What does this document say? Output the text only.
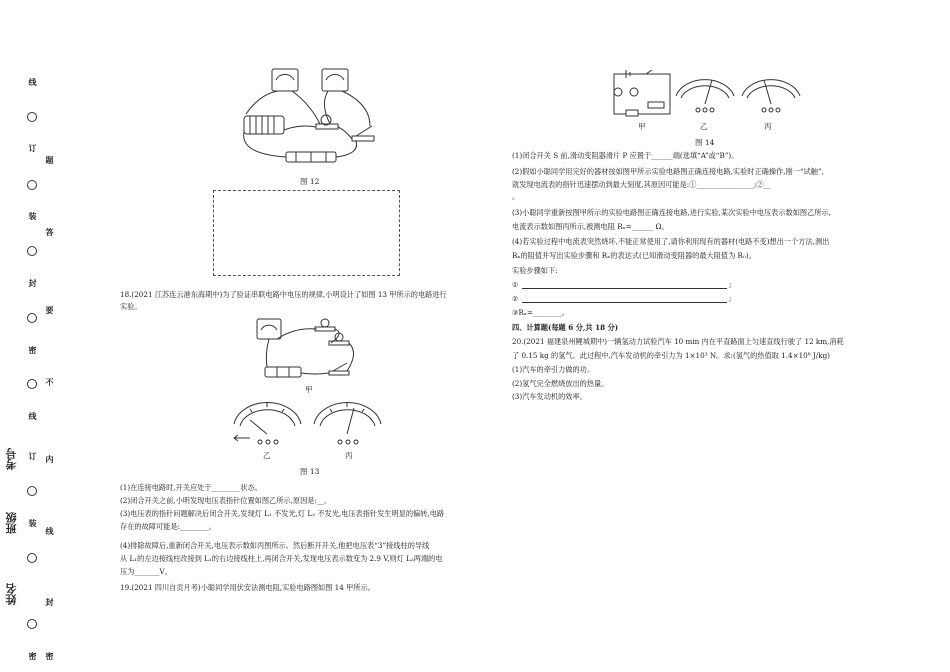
线
订
题
装
答
封
要
密
不
线
内
订
线
装
封
密 密
考号
班级
姓名
图 12
18.(2021 江苏连云港东海期中)为了验证串联电路中电压的规律,小明设计了如图 13 甲所示的电路进行
实验。
甲
乙	丙
图 13
(1)在连接电路时,开关应处于________状态。
(2)闭合开关之前,小明发现电压表指针位置如图乙所示,原因是:__。
(3)电压表的指针问题解决后闭合开关,发现灯 L₁ 不发光,灯 L₂ 不发光,电压表指针发生明显的偏转,电路
存在的故障可能是:________。
(4)排除故障后,重新闭合开关,电压表示数如丙图所示。然后断开开关,他把电压表“3”接线柱的导线
从 L₁的左边接线柱改接到 L₁的右边接线柱上,再闭合开关,发现电压表示数变为 2.9 V,则灯 L₂两端的电
压为_______V。
19.(2021 四川自贡月考)小聪同学用伏安法测电阻,实验电路图如图 14 甲所示。
甲	乙	丙
图 14
(1)闭合开关 S 前,滑动变阻器滑片 P 应置于______端(选填“A”或“B”)。
(2)假如小聪同学用完好的器材按如图甲所示实验电路图正确连接电路,实验时正确操作,刚一“试触”,
就发现电流表的指针迅速摆动到最大刻度,其原因可能是:①________________;②__
。
(3)小聪同学重新按图甲所示的实验电路图正确连接电路,进行实验,某次实验中电压表示数如图乙所示,
电流表示数如图丙所示,被测电阻 Rₓ=______ Ω。
(4)若实验过程中电流表突然烧坏,不能正常使用了,请你利用现有的器材(电路不变)想出一个方法,测出
Rₓ的阻值并写出实验步骤和 Rₓ的表达式(已知滑动变阻器的最大阻值为 R₀)。
实验步骤如下:
①	;
②	;
③Rₓ=________。
四、计算题(每题 6 分,共 18 分)
20.(2021 福建泉州鲤城期中)一辆氢动力试验汽车 10 min 内在平直路面上匀速直线行驶了 12 km,消耗
了 0.15 kg 的氢气。此过程中,汽车发动机的牵引力为 1×10³ N。求:(氢气的热值取 1.4×10⁸ J/kg)
(1)汽车的牵引力做的功。
(2)氢气完全燃烧放出的热量。
(3)汽车发动机的效率。
